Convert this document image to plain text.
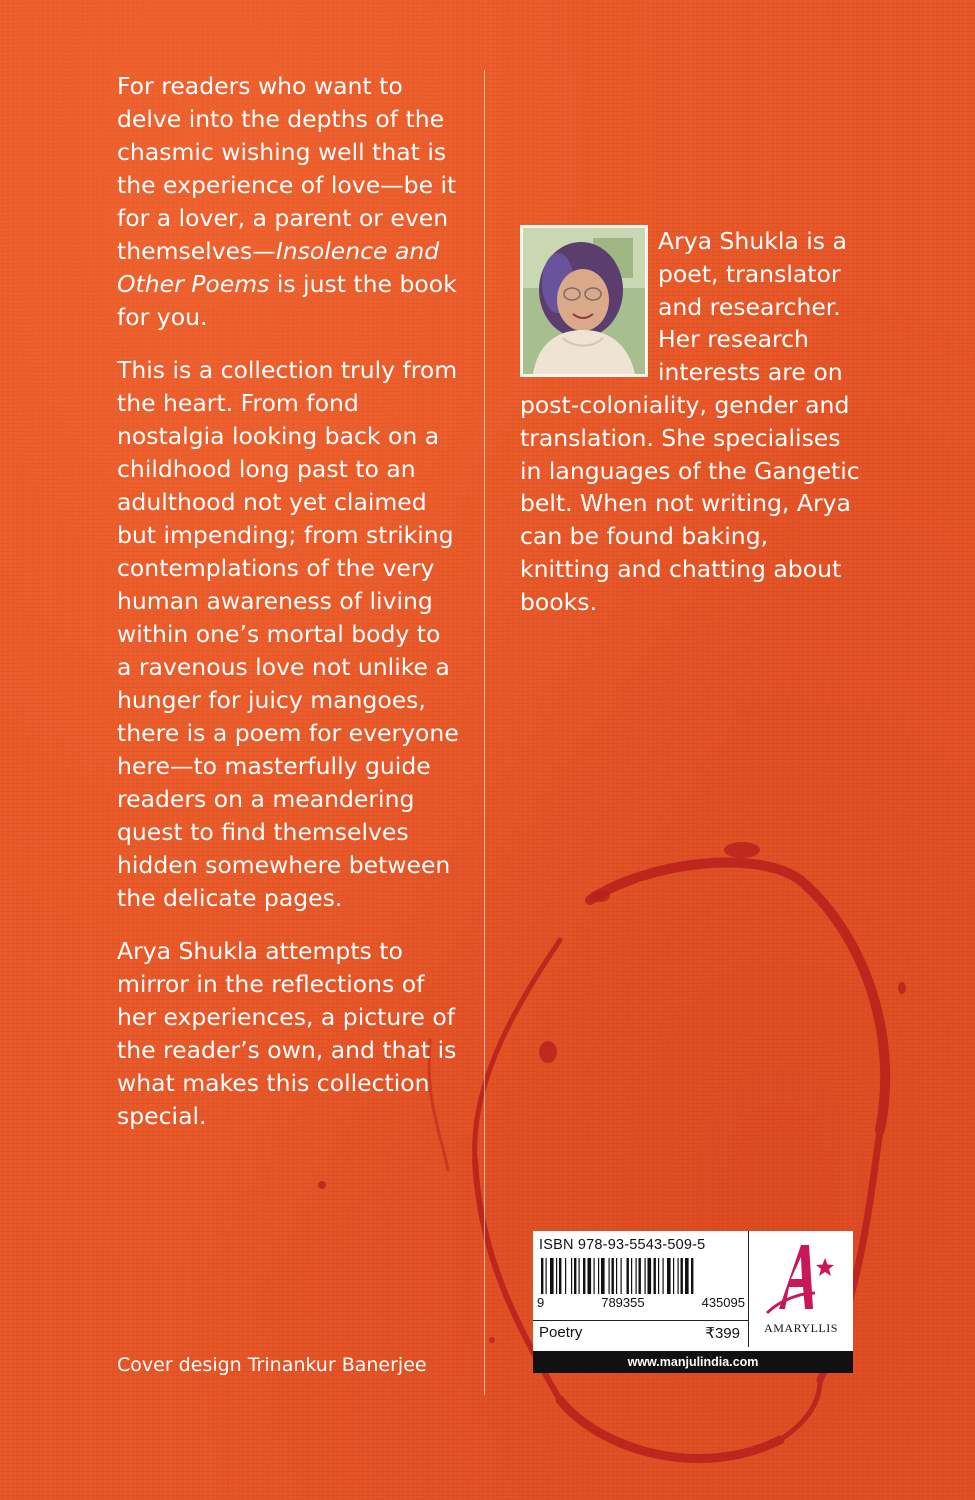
For readers who want to delve into the depths of the chasmic wishing well that is the experience of love—be it for a lover, a parent or even themselves—Insolence and Other Poems is just the book for you.

This is a collection truly from the heart. From fond nostalgia looking back on a childhood long past to an adulthood not yet claimed but impending; from striking contemplations of the very human awareness of living within one’s mortal body to a ravenous love not unlike a hunger for juicy mangoes, there is a poem for everyone here—to masterfully guide readers on a meandering quest to find themselves hidden somewhere between the delicate pages.

Arya Shukla attempts to mirror in the reflections of her experiences, a picture of the reader’s own, and that is what makes this collection special.

Cover design Trinankur Banerjee

Arya Shukla is a poet, translator and researcher. Her research interests are on post-coloniality, gender and translation. She specialises in languages of the Gangetic belt. When not writing, Arya can be found baking, knitting and chatting about books.

ISBN 978-93-5543-509-5
9	789355	435095
Poetry	₹399	AMARYLLIS
www.manjulindia.com
